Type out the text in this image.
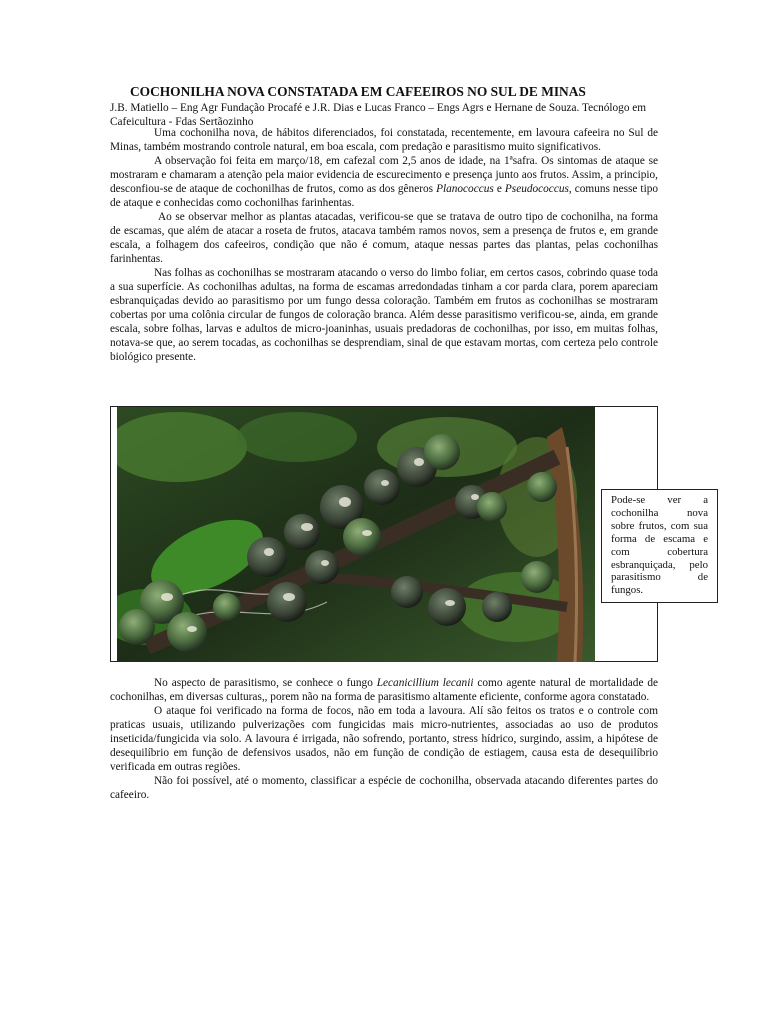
COCHONILHA NOVA CONSTATADA EM CAFEEIROS NO SUL DE MINAS
J.B. Matiello – Eng Agr Fundação Procafé e J.R. Dias e Lucas Franco – Engs Agrs e Hernane de Souza. Tecnólogo em Cafeicultura - Fdas Sertãozinho

Uma cochonilha nova, de hábitos diferenciados, foi constatada, recentemente, em lavoura cafeeira no Sul de Minas, também mostrando controle natural, em boa escala, com predação e parasitismo muito significativos.

A observação foi feita em março/18, em cafezal com 2,5 anos de idade, na 1ªsafra. Os sintomas de ataque se mostraram e chamaram a atenção pela maior evidencia de escurecimento e presença junto aos frutos. Assim, a principio, desconfiou-se de ataque de cochonilhas de frutos, como as dos gêneros Planococcus e Pseudococcus, comuns nesse tipo de ataque e conhecidas como cochonilhas farinhentas.

Ao se observar melhor as plantas atacadas, verificou-se que se tratava de outro tipo de cochonilha, na forma de escamas, que além de atacar a roseta de frutos, atacava também ramos novos, sem a presença de frutos e, em grande escala, a folhagem dos cafeeiros, condição que não é comum, ataque nessas partes das plantas, pelas cochonilhas farinhentas.

Nas folhas as cochonilhas se mostraram atacando o verso do limbo foliar, em certos casos, cobrindo quase toda a sua superfície. As cochonilhas adultas, na forma de escamas arredondadas tinham a cor parda clara, porem apareciam esbranquiçadas devido ao parasitismo por um fungo dessa coloração. Também em frutos as cochonilhas se mostraram cobertas por uma colônia circular de fungos de coloração branca. Além desse parasitismo verificou-se, ainda, em grande escala, sobre folhas, larvas e adultos de micro-joaninhas, usuais predadoras de cochonilhas, por isso, em muitas folhas, notava-se que, ao serem tocadas, as cochonilhas se desprendiam, sinal de que estavam mortas, com certeza pelo controle biológico presente.

Pode-se ver a cochonilha nova sobre frutos, com sua forma de escama e com cobertura esbranquiçada, pelo parasitismo de fungos.

No aspecto de parasitismo, se conhece o fungo Lecanicillium lecanii como agente natural de mortalidade de cochonilhas, em diversas culturas,, porem não na forma de parasitismo altamente eficiente, conforme agora constatado.

O ataque foi verificado na forma de focos, não em toda a lavoura. Alí são feitos os tratos e o controle com praticas usuais, utilizando pulverizações com fungicidas mais micro-nutrientes, associadas ao uso de produtos inseticida/fungicida via solo. A lavoura é irrigada, não sofrendo, portanto, stress hídrico, surgindo, assim, a hipótese de desequilíbrio em função de defensivos usados, não em função de condição de estiagem, causa esta de desequilíbrio verificada em outras regiões.

Não foi possível, até o momento, classificar a espécie de cochonilha, observada atacando diferentes partes do cafeeiro.
